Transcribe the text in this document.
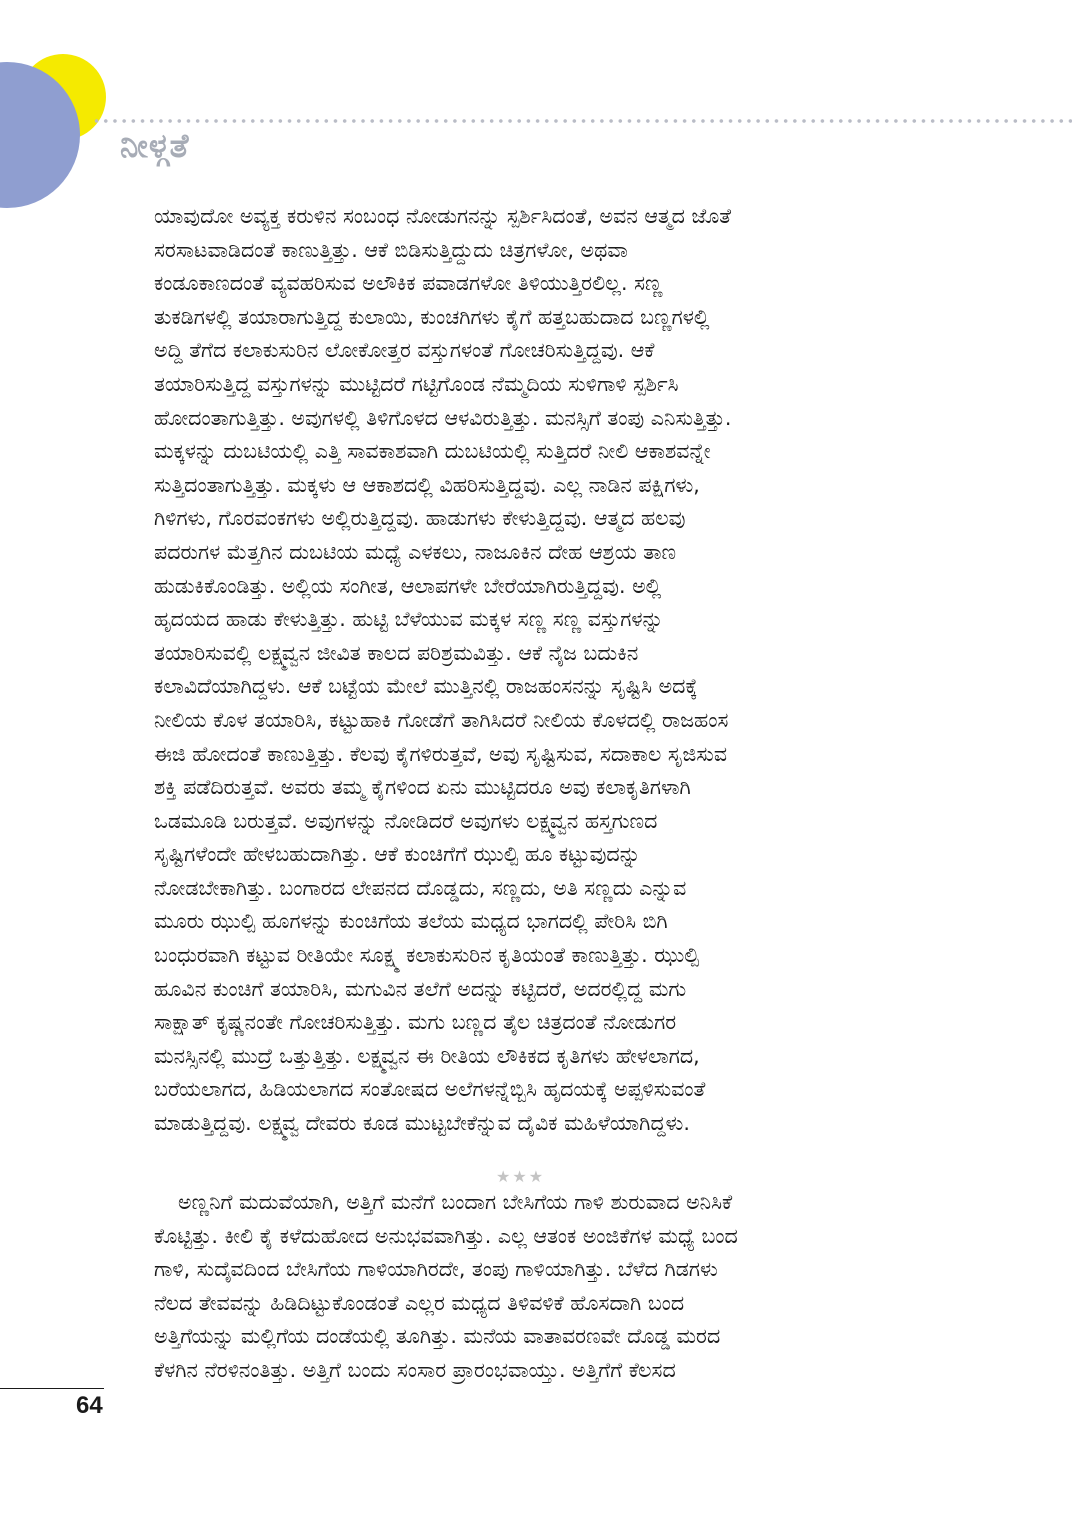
ನೀಳ್ಗತೆ
ಯಾವುದೋ ಅವ್ಯಕ್ತ ಕರುಳಿನ ಸಂಬಂಧ ನೋಡುಗನನ್ನು ಸ್ಪರ್ಶಿಸಿದಂತೆ, ಅವನ ಆತ್ಮದ ಜೊತೆ
ಸರಸಾಟವಾಡಿದಂತೆ ಕಾಣುತ್ತಿತ್ತು. ಆಕೆ ಬಿಡಿಸುತ್ತಿದ್ದುದು ಚಿತ್ರಗಳೋ, ಅಥವಾ
ಕಂಡೂಕಾಣದಂತೆ ವ್ಯವಹರಿಸುವ ಅಲೌಕಿಕ ಪವಾಡಗಳೋ ತಿಳಿಯುತ್ತಿರಲಿಲ್ಲ. ಸಣ್ಣ
ತುಕಡಿಗಳಲ್ಲಿ ತಯಾರಾಗುತ್ತಿದ್ದ ಕುಲಾಯಿ, ಕುಂಚಗಿಗಳು ಕೈಗೆ ಹತ್ತಬಹುದಾದ ಬಣ್ಣಗಳಲ್ಲಿ
ಅದ್ದಿ ತೆಗೆದ ಕಲಾಕುಸುರಿನ ಲೋಕೋತ್ತರ ವಸ್ತುಗಳಂತೆ ಗೋಚರಿಸುತ್ತಿದ್ದವು. ಆಕೆ
ತಯಾರಿಸುತ್ತಿದ್ದ ವಸ್ತುಗಳನ್ನು ಮುಟ್ಟಿದರೆ ಗಟ್ಟಿಗೊಂಡ ನೆಮ್ಮದಿಯ ಸುಳಿಗಾಳಿ ಸ್ಪರ್ಶಿಸಿ
ಹೋದಂತಾಗುತ್ತಿತ್ತು. ಅವುಗಳಲ್ಲಿ ತಿಳಿಗೊಳದ ಆಳವಿರುತ್ತಿತ್ತು. ಮನಸ್ಸಿಗೆ ತಂಪು ಎನಿಸುತ್ತಿತ್ತು.
ಮಕ್ಕಳನ್ನು ದುಬಟಿಯಲ್ಲಿ ಎತ್ತಿ ಸಾವಕಾಶವಾಗಿ ದುಬಟಿಯಲ್ಲಿ ಸುತ್ತಿದರೆ ನೀಲಿ ಆಕಾಶವನ್ನೇ
ಸುತ್ತಿದಂತಾಗುತ್ತಿತ್ತು. ಮಕ್ಕಳು ಆ ಆಕಾಶದಲ್ಲಿ ವಿಹರಿಸುತ್ತಿದ್ದವು. ಎಲ್ಲ ನಾಡಿನ ಪಕ್ಷಿಗಳು,
ಗಿಳಿಗಳು, ಗೊರವಂಕಗಳು ಅಲ್ಲಿರುತ್ತಿದ್ದವು. ಹಾಡುಗಳು ಕೇಳುತ್ತಿದ್ದವು. ಆತ್ಮದ ಹಲವು
ಪದರುಗಳ ಮೆತ್ತಗಿನ ದುಬಟಿಯ ಮಧ್ಯೆ ಎಳಕಲು, ನಾಜೂಕಿನ ದೇಹ ಆಶ್ರಯ ತಾಣ
ಹುಡುಕಿಕೊಂಡಿತ್ತು. ಅಲ್ಲಿಯ ಸಂಗೀತ, ಆಲಾಪಗಳೇ ಬೇರೆಯಾಗಿರುತ್ತಿದ್ದವು. ಅಲ್ಲಿ
ಹೃದಯದ ಹಾಡು ಕೇಳುತ್ತಿತ್ತು. ಹುಟ್ಟಿ ಬೆಳೆಯುವ ಮಕ್ಕಳ ಸಣ್ಣ ಸಣ್ಣ ವಸ್ತುಗಳನ್ನು
ತಯಾರಿಸುವಲ್ಲಿ ಲಕ್ಷ್ಮವ್ವನ ಜೀವಿತ ಕಾಲದ ಪರಿಶ್ರಮವಿತ್ತು. ಆಕೆ ನೈಜ ಬದುಕಿನ
ಕಲಾವಿದೆಯಾಗಿದ್ದಳು. ಆಕೆ ಬಟ್ಟೆಯ ಮೇಲೆ ಮುತ್ತಿನಲ್ಲಿ ರಾಜಹಂಸನನ್ನು ಸೃಷ್ಟಿಸಿ ಅದಕ್ಕೆ
ನೀಲಿಯ ಕೊಳ ತಯಾರಿಸಿ, ಕಟ್ಟುಹಾಕಿ ಗೋಡೆಗೆ ತಾಗಿಸಿದರೆ ನೀಲಿಯ ಕೊಳದಲ್ಲಿ ರಾಜಹಂಸ
ಈಜಿ ಹೋದಂತೆ ಕಾಣುತ್ತಿತ್ತು. ಕೆಲವು ಕೈಗಳಿರುತ್ತವೆ, ಅವು ಸೃಷ್ಟಿಸುವ, ಸದಾಕಾಲ ಸೃಜಿಸುವ
ಶಕ್ತಿ ಪಡೆದಿರುತ್ತವೆ. ಅವರು ತಮ್ಮ ಕೈಗಳಿಂದ ಏನು ಮುಟ್ಟಿದರೂ ಅವು ಕಲಾಕೃತಿಗಳಾಗಿ
ಒಡಮೂಡಿ ಬರುತ್ತವೆ. ಅವುಗಳನ್ನು ನೋಡಿದರೆ ಅವುಗಳು ಲಕ್ಷ್ಮವ್ವನ ಹಸ್ತಗುಣದ
ಸೃಷ್ಟಿಗಳೆಂದೇ ಹೇಳಬಹುದಾಗಿತ್ತು. ಆಕೆ ಕುಂಚಿಗೆಗೆ ಝುಲ್ಪಿ ಹೂ ಕಟ್ಟುವುದನ್ನು
ನೋಡಬೇಕಾಗಿತ್ತು. ಬಂಗಾರದ ಲೇಪನದ ದೊಡ್ಡದು, ಸಣ್ಣದು, ಅತಿ ಸಣ್ಣದು ಎನ್ನುವ
ಮೂರು ಝುಲ್ಪಿ ಹೂಗಳನ್ನು ಕುಂಚಿಗೆಯ ತಲೆಯ ಮಧ್ಯದ ಭಾಗದಲ್ಲಿ ಪೇರಿಸಿ ಬಿಗಿ
ಬಂಧುರವಾಗಿ ಕಟ್ಟುವ ರೀತಿಯೇ ಸೂಕ್ಷ್ಮ ಕಲಾಕುಸುರಿನ ಕೃತಿಯಂತೆ ಕಾಣುತ್ತಿತ್ತು. ಝುಲ್ಪಿ
ಹೂವಿನ ಕುಂಚಿಗೆ ತಯಾರಿಸಿ, ಮಗುವಿನ ತಲೆಗೆ ಅದನ್ನು ಕಟ್ಟಿದರೆ, ಅದರಲ್ಲಿದ್ದ ಮಗು
ಸಾಕ್ಷಾತ್ ಕೃಷ್ಣನಂತೇ ಗೋಚರಿಸುತ್ತಿತ್ತು. ಮಗು ಬಣ್ಣದ ತೈಲ ಚಿತ್ರದಂತೆ ನೋಡುಗರ
ಮನಸ್ಸಿನಲ್ಲಿ ಮುದ್ರೆ ಒತ್ತುತ್ತಿತ್ತು. ಲಕ್ಷ್ಮವ್ವನ ಈ ರೀತಿಯ ಲೌಕಿಕದ ಕೃತಿಗಳು ಹೇಳಲಾಗದ,
ಬರೆಯಲಾಗದ, ಹಿಡಿಯಲಾಗದ ಸಂತೋಷದ ಅಲೆಗಳನ್ನೆಬ್ಬಿಸಿ ಹೃದಯಕ್ಕೆ ಅಪ್ಪಳಿಸುವಂತೆ
ಮಾಡುತ್ತಿದ್ದವು. ಲಕ್ಷ್ಮವ್ವ ದೇವರು ಕೂಡ ಮುಟ್ಟಬೇಕೆನ್ನುವ ದೈವಿಕ ಮಹಿಳೆಯಾಗಿದ್ದಳು.
★★★
ಅಣ್ಣನಿಗೆ ಮದುವೆಯಾಗಿ, ಅತ್ತಿಗೆ ಮನೆಗೆ ಬಂದಾಗ ಬೇಸಿಗೆಯ ಗಾಳಿ ಶುರುವಾದ ಅನಿಸಿಕೆ
ಕೊಟ್ಟಿತ್ತು. ಕೀಲಿ ಕೈ ಕಳೆದುಹೋದ ಅನುಭವವಾಗಿತ್ತು. ಎಲ್ಲ ಆತಂಕ ಅಂಜಿಕೆಗಳ ಮಧ್ಯೆ ಬಂದ
ಗಾಳಿ, ಸುದೈವದಿಂದ ಬೇಸಿಗೆಯ ಗಾಳಿಯಾಗಿರದೇ, ತಂಪು ಗಾಳಿಯಾಗಿತ್ತು. ಬೆಳೆದ ಗಿಡಗಳು
ನೆಲದ ತೇವವನ್ನು ಹಿಡಿದಿಟ್ಟುಕೊಂಡಂತೆ ಎಲ್ಲರ ಮಧ್ಯದ ತಿಳಿವಳಿಕೆ ಹೊಸದಾಗಿ ಬಂದ
ಅತ್ತಿಗೆಯನ್ನು ಮಲ್ಲಿಗೆಯ ದಂಡೆಯಲ್ಲಿ ತೂಗಿತ್ತು. ಮನೆಯ ವಾತಾವರಣವೇ ದೊಡ್ಡ ಮರದ
ಕೆಳಗಿನ ನೆರಳಿನಂತಿತ್ತು. ಅತ್ತಿಗೆ ಬಂದು ಸಂಸಾರ ಪ್ರಾರಂಭವಾಯ್ತು. ಅತ್ತಿಗೆಗೆ ಕೆಲಸದ
64
